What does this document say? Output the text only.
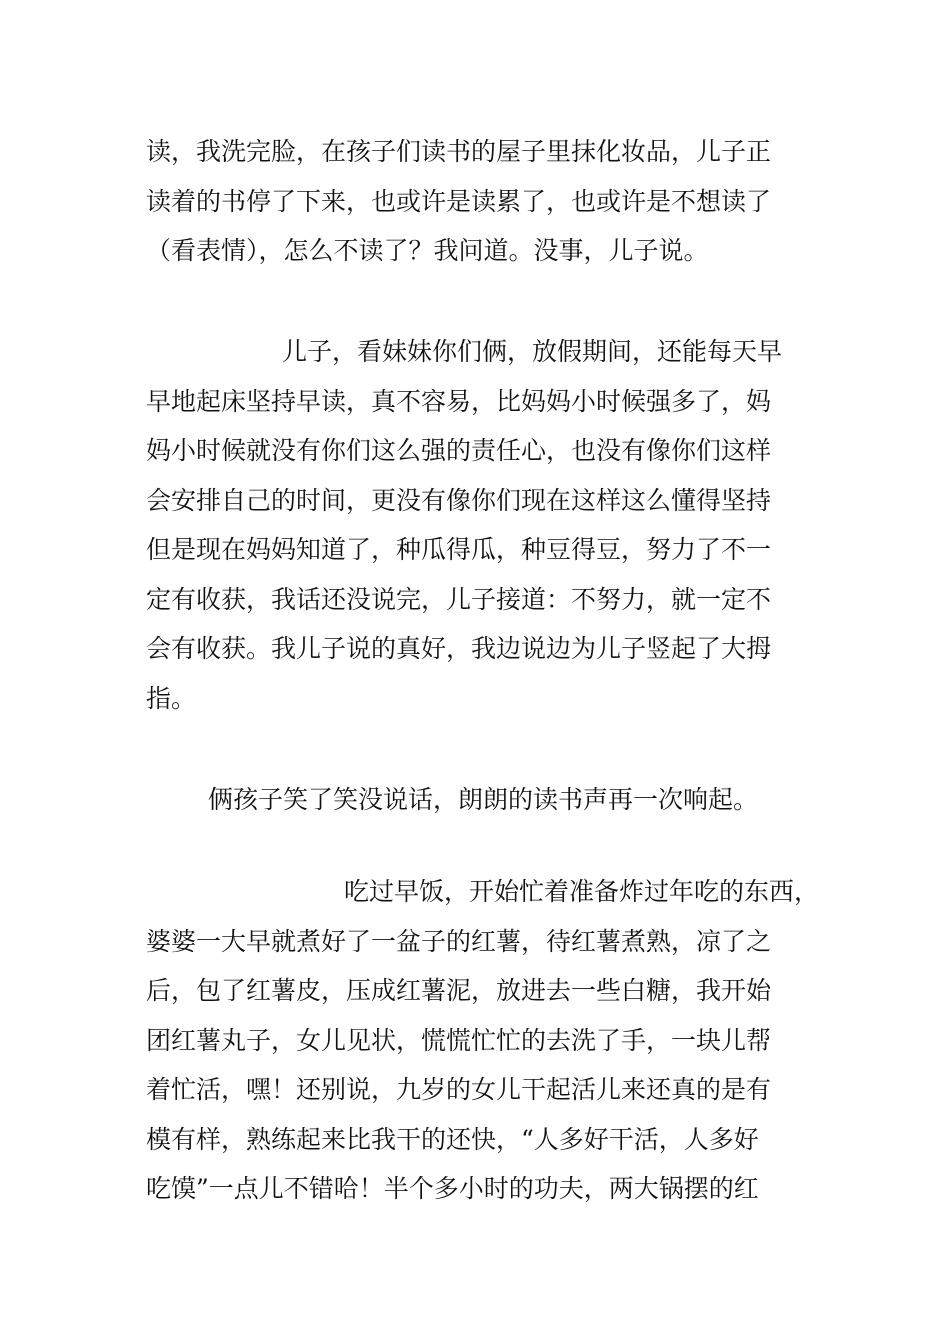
读，我洗完脸，在孩子们读书的屋子里抹化妆品，儿子正
读着的书停了下来，也或许是读累了，也或许是不想读了
（看表情），怎么不读了？我问道。没事，儿子说。

儿子，看妹妹你们俩，放假期间，还能每天早
早地起床坚持早读，真不容易，比妈妈小时候强多了，妈
妈小时候就没有你们这么强的责任心，也没有像你们这样
会安排自己的时间，更没有像你们现在这样这么懂得坚持
但是现在妈妈知道了，种瓜得瓜，种豆得豆，努力了不一
定有收获，我话还没说完，儿子接道：不努力，就一定不
会有收获。我儿子说的真好，我边说边为儿子竖起了大拇
指。

俩孩子笑了笑没说话，朗朗的读书声再一次响起。

吃过早饭，开始忙着准备炸过年吃的东西，
婆婆一大早就煮好了一盆子的红薯，待红薯煮熟，凉了之
后，包了红薯皮，压成红薯泥，放进去一些白糖，我开始
团红薯丸子，女儿见状，慌慌忙忙的去洗了手，一块儿帮
着忙活，嘿！还别说，九岁的女儿干起活儿来还真的是有
模有样，熟练起来比我干的还快，“人多好干活，人多好
吃馍”一点儿不错哈！半个多小时的功夫，两大锅摆的红
